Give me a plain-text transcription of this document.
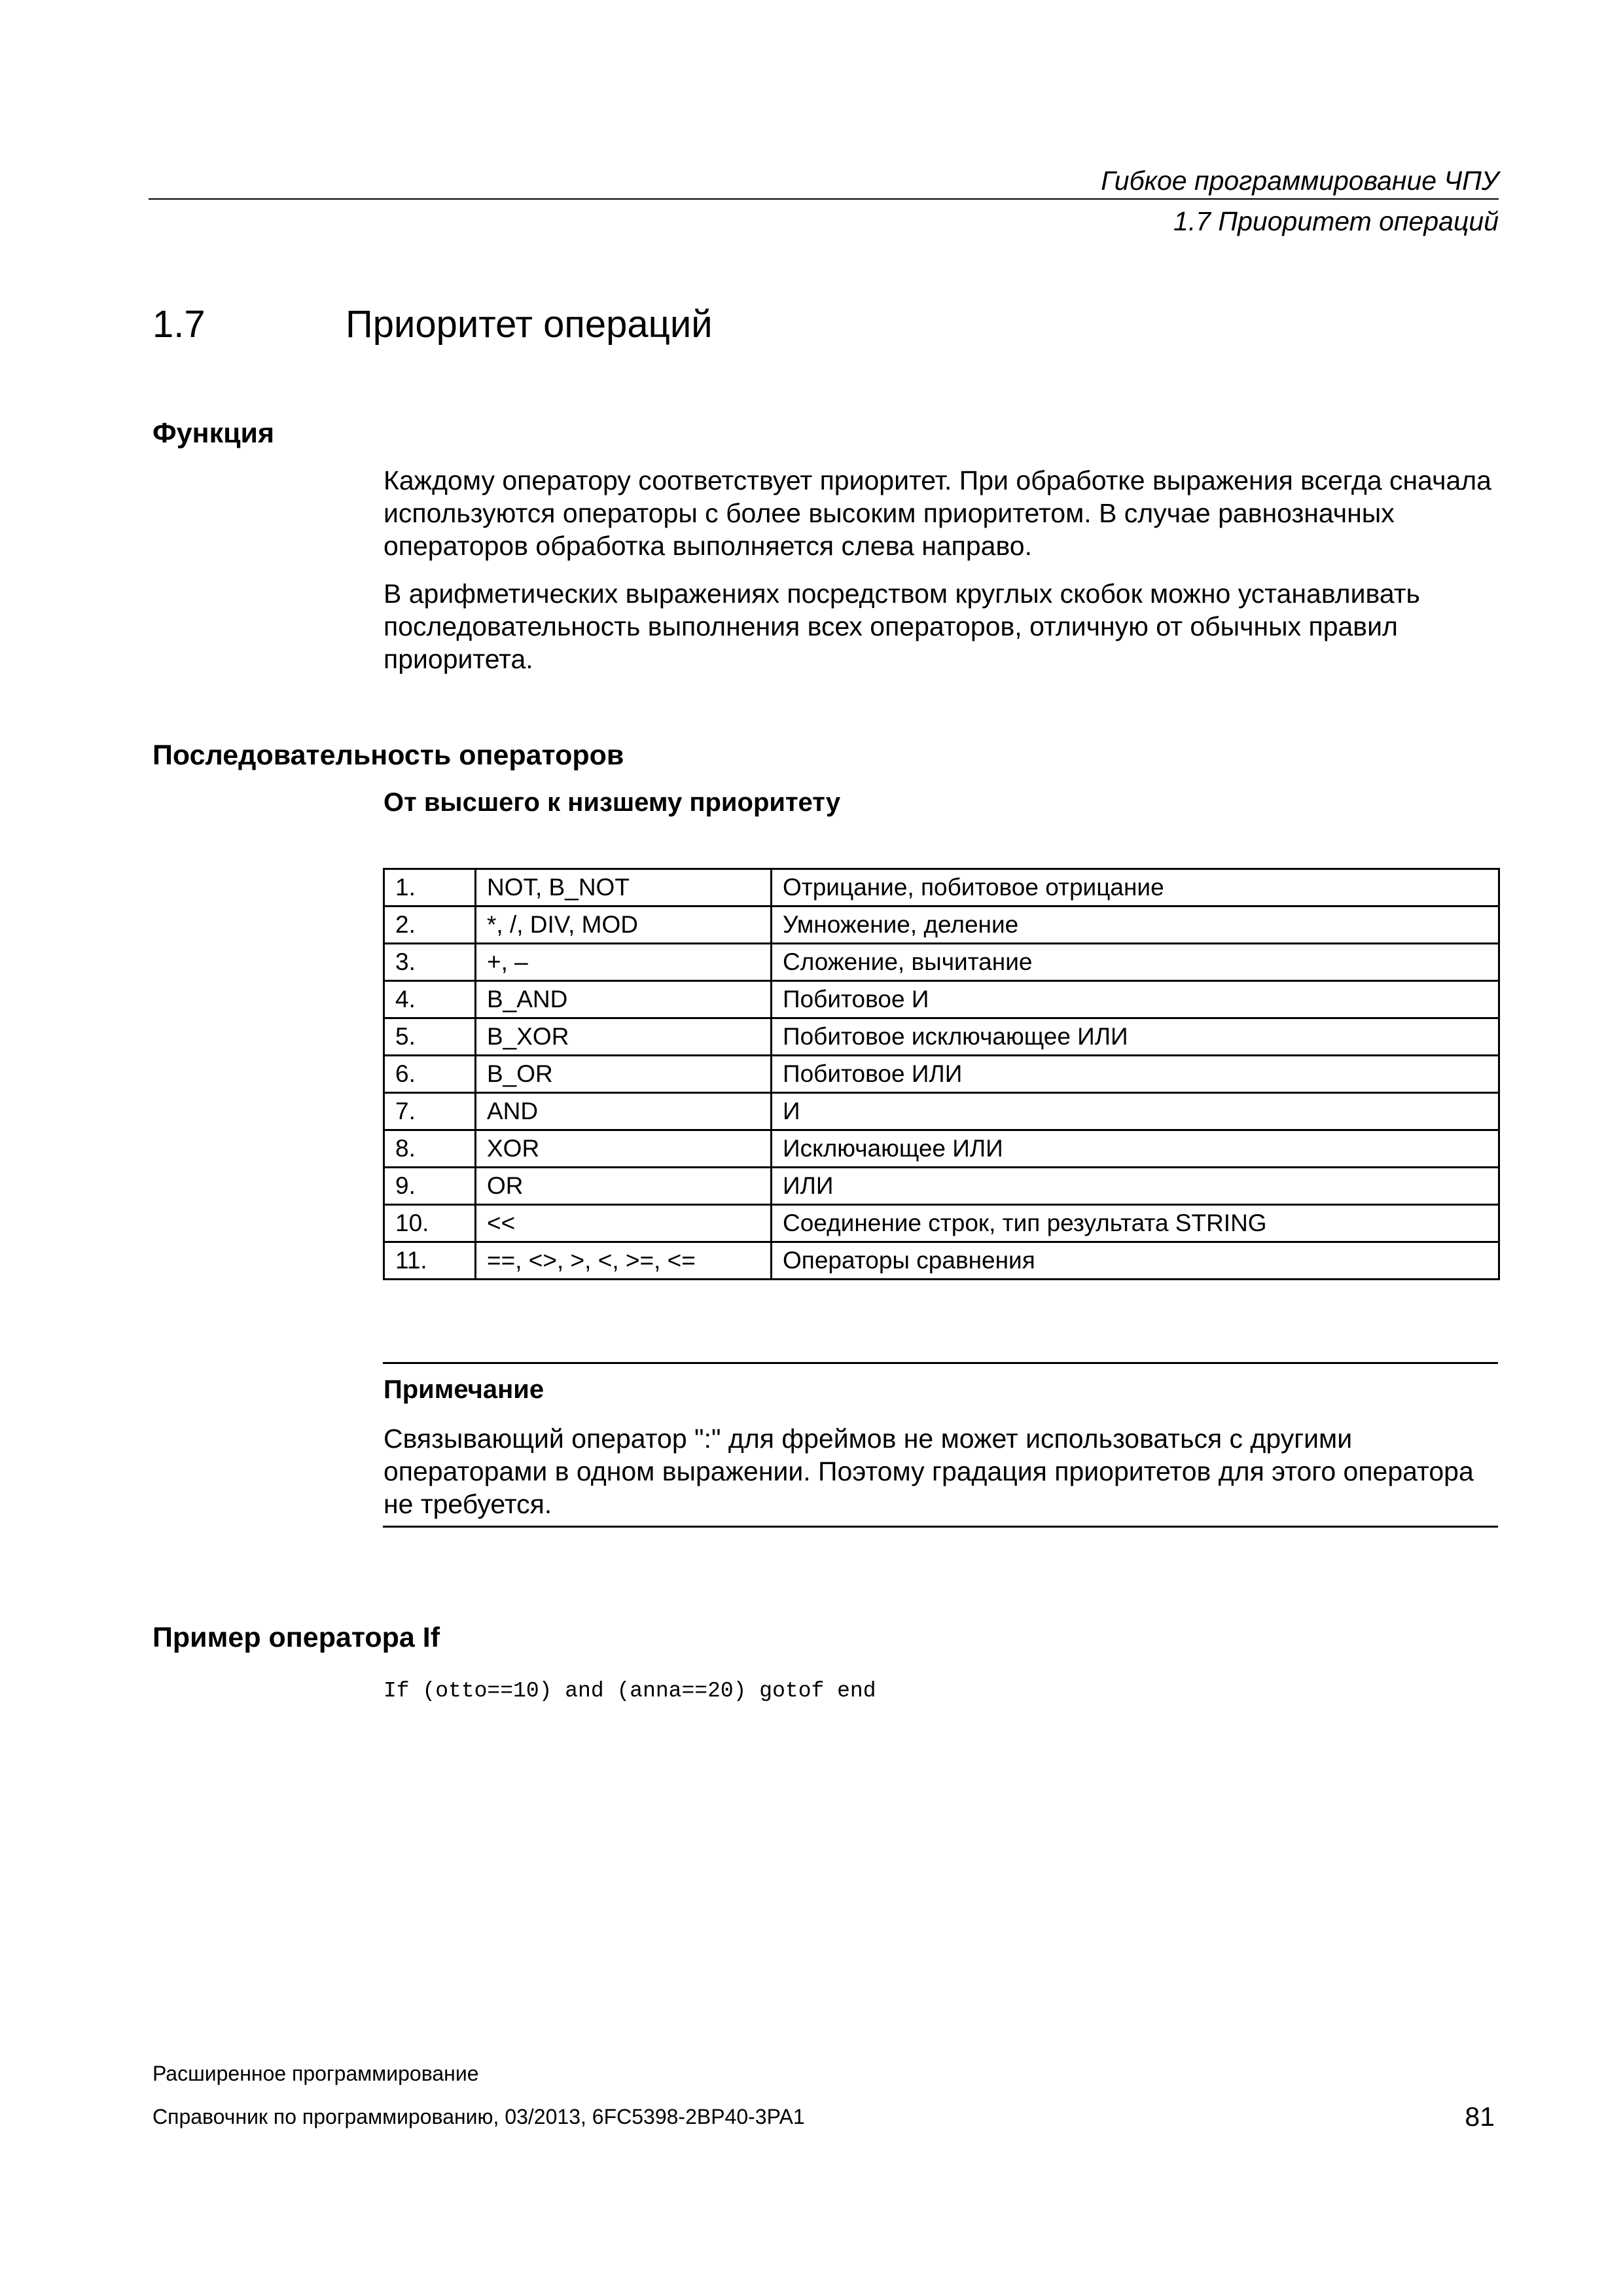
Гибкое программирование ЧПУ
1.7 Приоритет операций
1.7	Приоритет операций
Функция
Каждому оператору соответствует приоритет. При обработке выражения всегда сначала используются операторы с более высоким приоритетом. В случае равнозначных операторов обработка выполняется слева направо.
В арифметических выражениях посредством круглых скобок можно устанавливать последовательность выполнения всех операторов, отличную от обычных правил приоритета.
Последовательность операторов
От высшего к низшему приоритету
1.	NOT, B_NOT	Отрицание, побитовое отрицание
2.	*, /, DIV, MOD	Умножение, деление
3.	+, –	Сложение, вычитание
4.	B_AND	Побитовое И
5.	B_XOR	Побитовое исключающее ИЛИ
6.	B_OR	Побитовое ИЛИ
7.	AND	И
8.	XOR	Исключающее ИЛИ
9.	OR	ИЛИ
10.	<<	Соединение строк, тип результата STRING
11.	==, <>, >, <, >=, <=	Операторы сравнения
Примечание
Связывающий оператор ":" для фреймов не может использоваться с другими операторами в одном выражении. Поэтому градация приоритетов для этого оператора не требуется.
Пример оператора If
If (otto==10) and (anna==20) gotof end
Расширенное программирование
Справочник по программированию, 03/2013, 6FC5398-2BP40-3PA1	81
